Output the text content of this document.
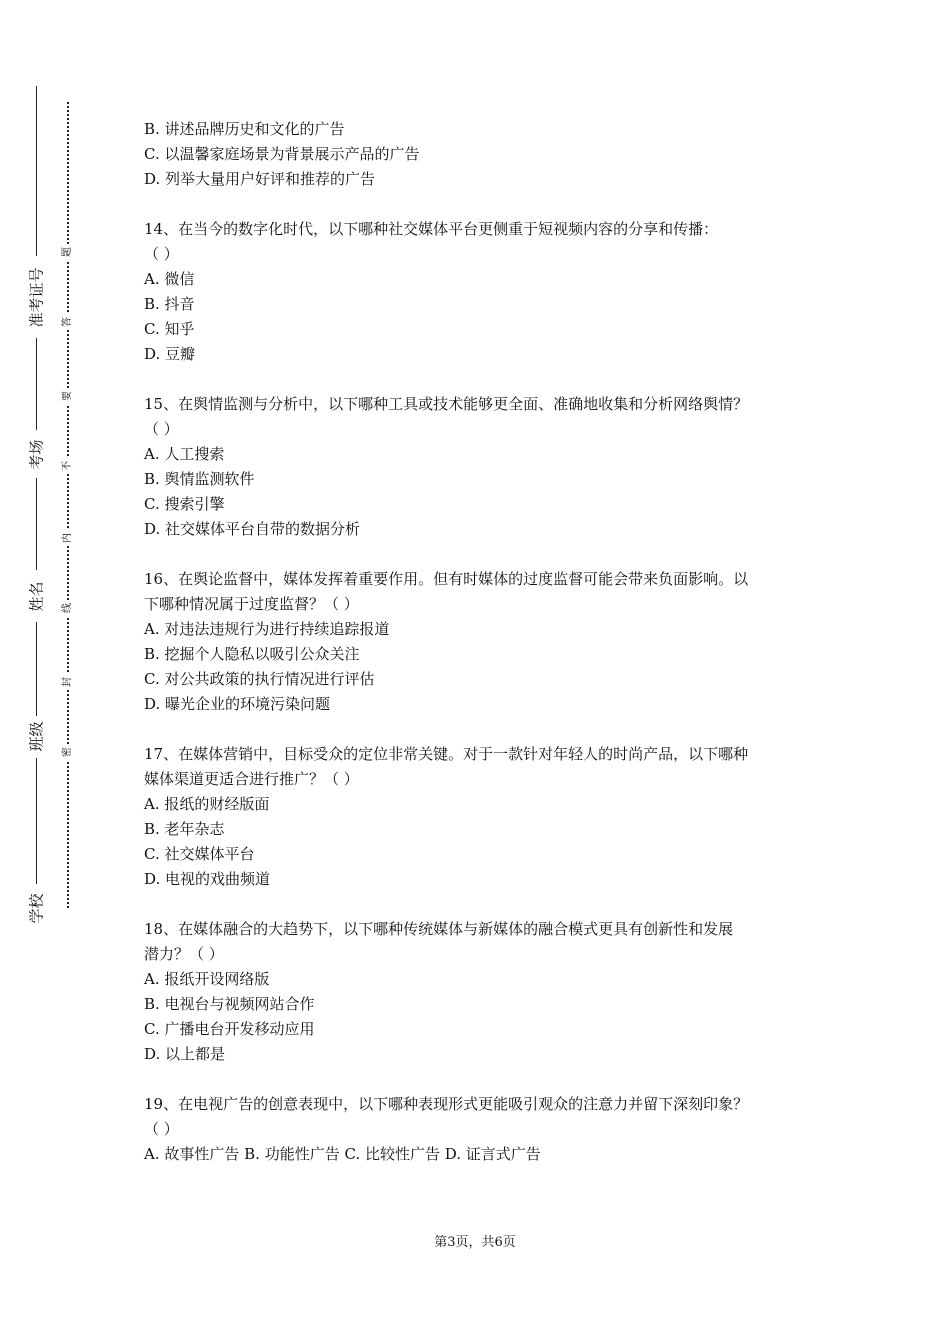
准考证号
考场
姓名
班级
学校
题
答
要
不
内
线
封
密
B. 讲述品牌历史和文化的广告
C. 以温馨家庭场景为背景展示产品的广告
D. 列举大量用户好评和推荐的广告
14、在当今的数字化时代，以下哪种社交媒体平台更侧重于短视频内容的分享和传播：
（ ）
A. 微信
B. 抖音
C. 知乎
D. 豆瓣
15、在舆情监测与分析中，以下哪种工具或技术能够更全面、准确地收集和分析网络舆情？
（ ）
A. 人工搜索
B. 舆情监测软件
C. 搜索引擎
D. 社交媒体平台自带的数据分析
16、在舆论监督中，媒体发挥着重要作用。但有时媒体的过度监督可能会带来负面影响。以
下哪种情况属于过度监督？（ ）
A. 对违法违规行为进行持续追踪报道
B. 挖掘个人隐私以吸引公众关注
C. 对公共政策的执行情况进行评估
D. 曝光企业的环境污染问题
17、在媒体营销中，目标受众的定位非常关键。对于一款针对年轻人的时尚产品，以下哪种
媒体渠道更适合进行推广？（ ）
A. 报纸的财经版面
B. 老年杂志
C. 社交媒体平台
D. 电视的戏曲频道
18、在媒体融合的大趋势下，以下哪种传统媒体与新媒体的融合模式更具有创新性和发展
潜力？（ ）
A. 报纸开设网络版
B. 电视台与视频网站合作
C. 广播电台开发移动应用
D. 以上都是
19、在电视广告的创意表现中，以下哪种表现形式更能吸引观众的注意力并留下深刻印象？
（ ）
A. 故事性广告 B. 功能性广告 C. 比较性广告 D. 证言式广告
第3页，共6页
